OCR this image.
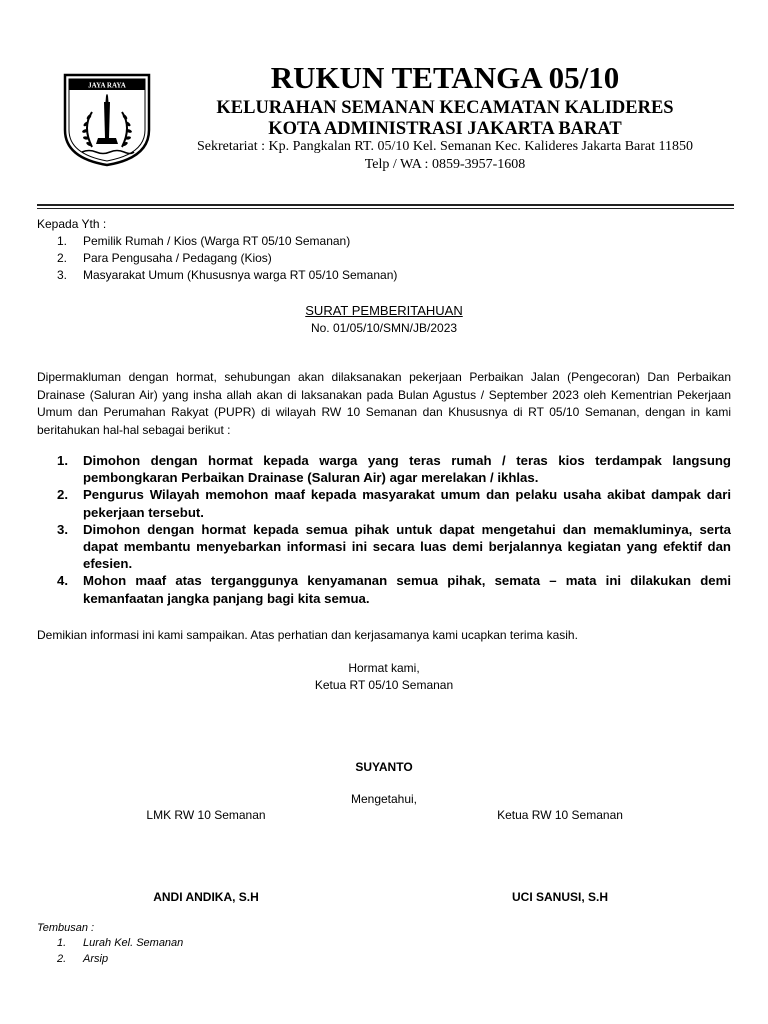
JAYA RAYA	RUKUN TETANGA 05/10
KELURAHAN SEMANAN KECAMATAN KALIDERES
KOTA ADMINISTRASI JAKARTA BARAT
Sekretariat : Kp. Pangkalan RT. 05/10 Kel. Semanan Kec. Kalideres Jakarta Barat 11850
Telp / WA : 0859-3957-1608
Kepada Yth :
1. Pemilik Rumah / Kios (Warga RT 05/10 Semanan)
2. Para Pengusaha / Pedagang (Kios)
3. Masyarakat Umum (Khususnya warga RT 05/10 Semanan)
SURAT PEMBERITAHUAN
No. 01/05/10/SMN/JB/2023
Dipermakluman dengan hormat, sehubungan akan dilaksanakan pekerjaan Perbaikan Jalan (Pengecoran) Dan Perbaikan Drainase (Saluran Air) yang insha allah akan di laksanakan pada Bulan Agustus / September 2023 oleh Kementrian Pekerjaan Umum dan Perumahan Rakyat (PUPR) di wilayah RW 10 Semanan dan Khususnya di RT 05/10 Semanan, dengan in kami beritahukan hal-hal sebagai berikut :
1. Dimohon dengan hormat kepada warga yang teras rumah / teras kios terdampak langsung pembongkaran Perbaikan Drainase (Saluran Air) agar merelakan / ikhlas.
2. Pengurus Wilayah memohon maaf kepada masyarakat umum dan pelaku usaha akibat dampak dari pekerjaan tersebut.
3. Dimohon dengan hormat kepada semua pihak untuk dapat mengetahui dan memakluminya, serta dapat membantu menyebarkan informasi ini secara luas demi berjalannya kegiatan yang efektif dan efesien.
4. Mohon maaf atas terganggunya kenyamanan semua pihak, semata – mata ini dilakukan demi kemanfaatan jangka panjang bagi kita semua.
Demikian informasi ini kami sampaikan. Atas perhatian dan kerjasamanya kami ucapkan terima kasih.
Hormat kami,
Ketua RT 05/10 Semanan
SUYANTO
Mengetahui,
LMK RW 10 Semanan	Ketua RW 10 Semanan
ANDI ANDIKA, S.H	UCI SANUSI, S.H
Tembusan :
1. Lurah Kel. Semanan
2. Arsip
